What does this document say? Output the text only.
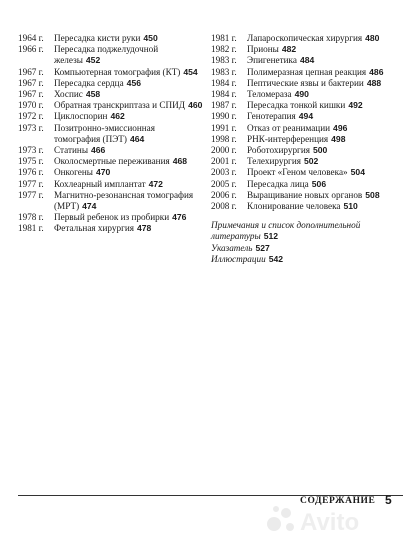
1964 г.	Пересадка кисти руки 450
1966 г.	Пересадка поджелудочной железы 452
1967 г.	Компьютерная томография (КТ) 454
1967 г.	Пересадка сердца 456
1967 г.	Хоспис 458
1970 г.	Обратная транскриптаза и СПИД 460
1972 г.	Циклоспорин 462
1973 г.	Позитронно-эмиссионная томография (ПЭТ) 464
1973 г.	Статины 466
1975 г.	Околосмертные переживания 468
1976 г.	Онкогены 470
1977 г.	Кохлеарный имплантат 472
1977 г.	Магнитно-резонансная томография (МРТ) 474
1978 г.	Первый ребенок из пробирки 476
1981 г.	Фетальная хирургия 478
1981 г.	Лапароскопическая хирургия 480
1982 г.	Прионы 482
1983 г.	Эпигенетика 484
1983 г.	Полимеразная цепная реакция 486
1984 г.	Пептические язвы и бактерии 488
1984 г.	Теломераза 490
1987 г.	Пересадка тонкой кишки 492
1990 г.	Генотерапия 494
1991 г.	Отказ от реанимации 496
1998 г.	РНК-интерференция 498
2000 г.	Роботохирургия 500
2001 г.	Телехирургия 502
2003 г.	Проект «Геном человека» 504
2005 г.	Пересадка лица 506
2006 г.	Выращивание новых органов 508
2008 г.	Клонирование человека 510
Примечания и список дополнительной литературы 512
Указатель 527
Иллюстрации 542
СОДЕРЖАНИЕ 5
Avito
